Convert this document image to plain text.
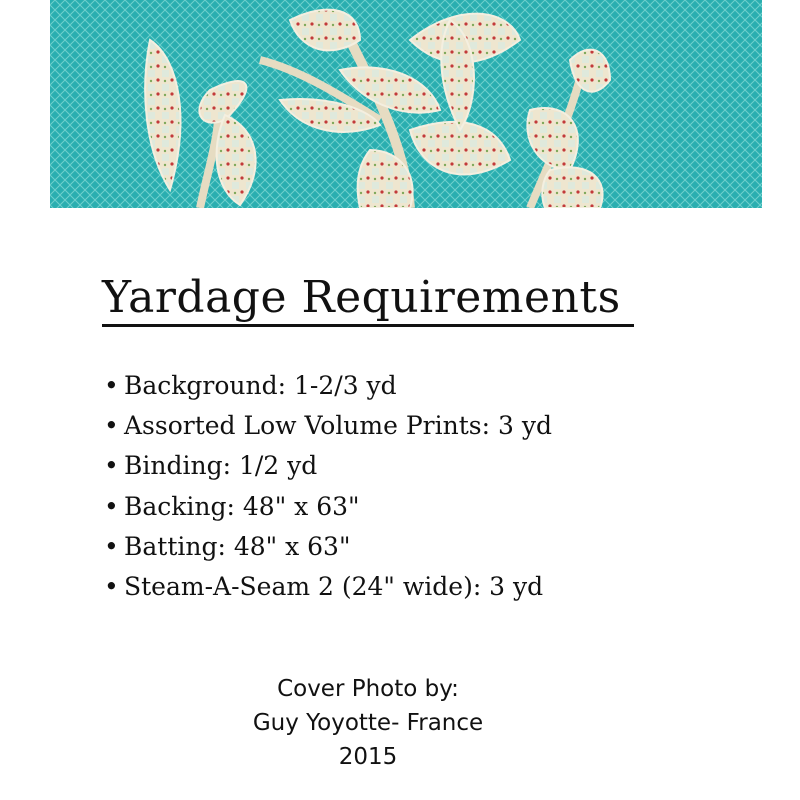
Yardage Requirements
• Background: 1-2/3 yd
• Assorted Low Volume Prints: 3 yd
• Binding: 1/2 yd
• Backing: 48" x 63"
• Batting: 48" x 63"
• Steam-A-Seam 2 (24" wide): 3 yd
Cover Photo by:
Guy Yoyotte- France
2015
